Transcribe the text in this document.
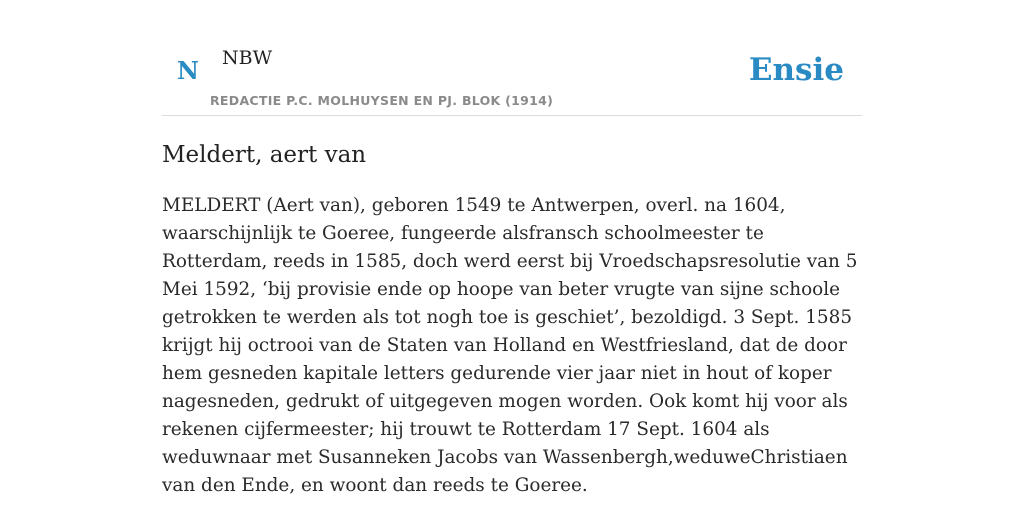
N NBW
REDACTIE P.C. MOLHUYSEN EN PJ. BLOK (1914)
Ensie
Meldert, aert van

MELDERT (Aert van), geboren 1549 te Antwerpen, overl. na 1604, waarschijnlijk te Goeree, fungeerde alsfransch schoolmeester te Rotterdam, reeds in 1585, doch werd eerst bij Vroedschapsresolutie van 5 Mei 1592, ‘bij provisie ende op hoope van beter vrugte van sijne schoole getrokken te werden als tot nogh toe is geschiet’, bezoldigd. 3 Sept. 1585 krijgt hij octrooi van de Staten van Holland en Westfriesland, dat de door hem gesneden kapitale letters gedurende vier jaar niet in hout of koper nagesneden, gedrukt of uitgegeven mogen worden. Ook komt hij voor als rekenen cijfermeester; hij trouwt te Rotterdam 17 Sept. 1604 als weduwnaar met Susanneken Jacobs van Wassenbergh,weduweChristiaen van den Ende, en woont dan reeds te Goeree.
